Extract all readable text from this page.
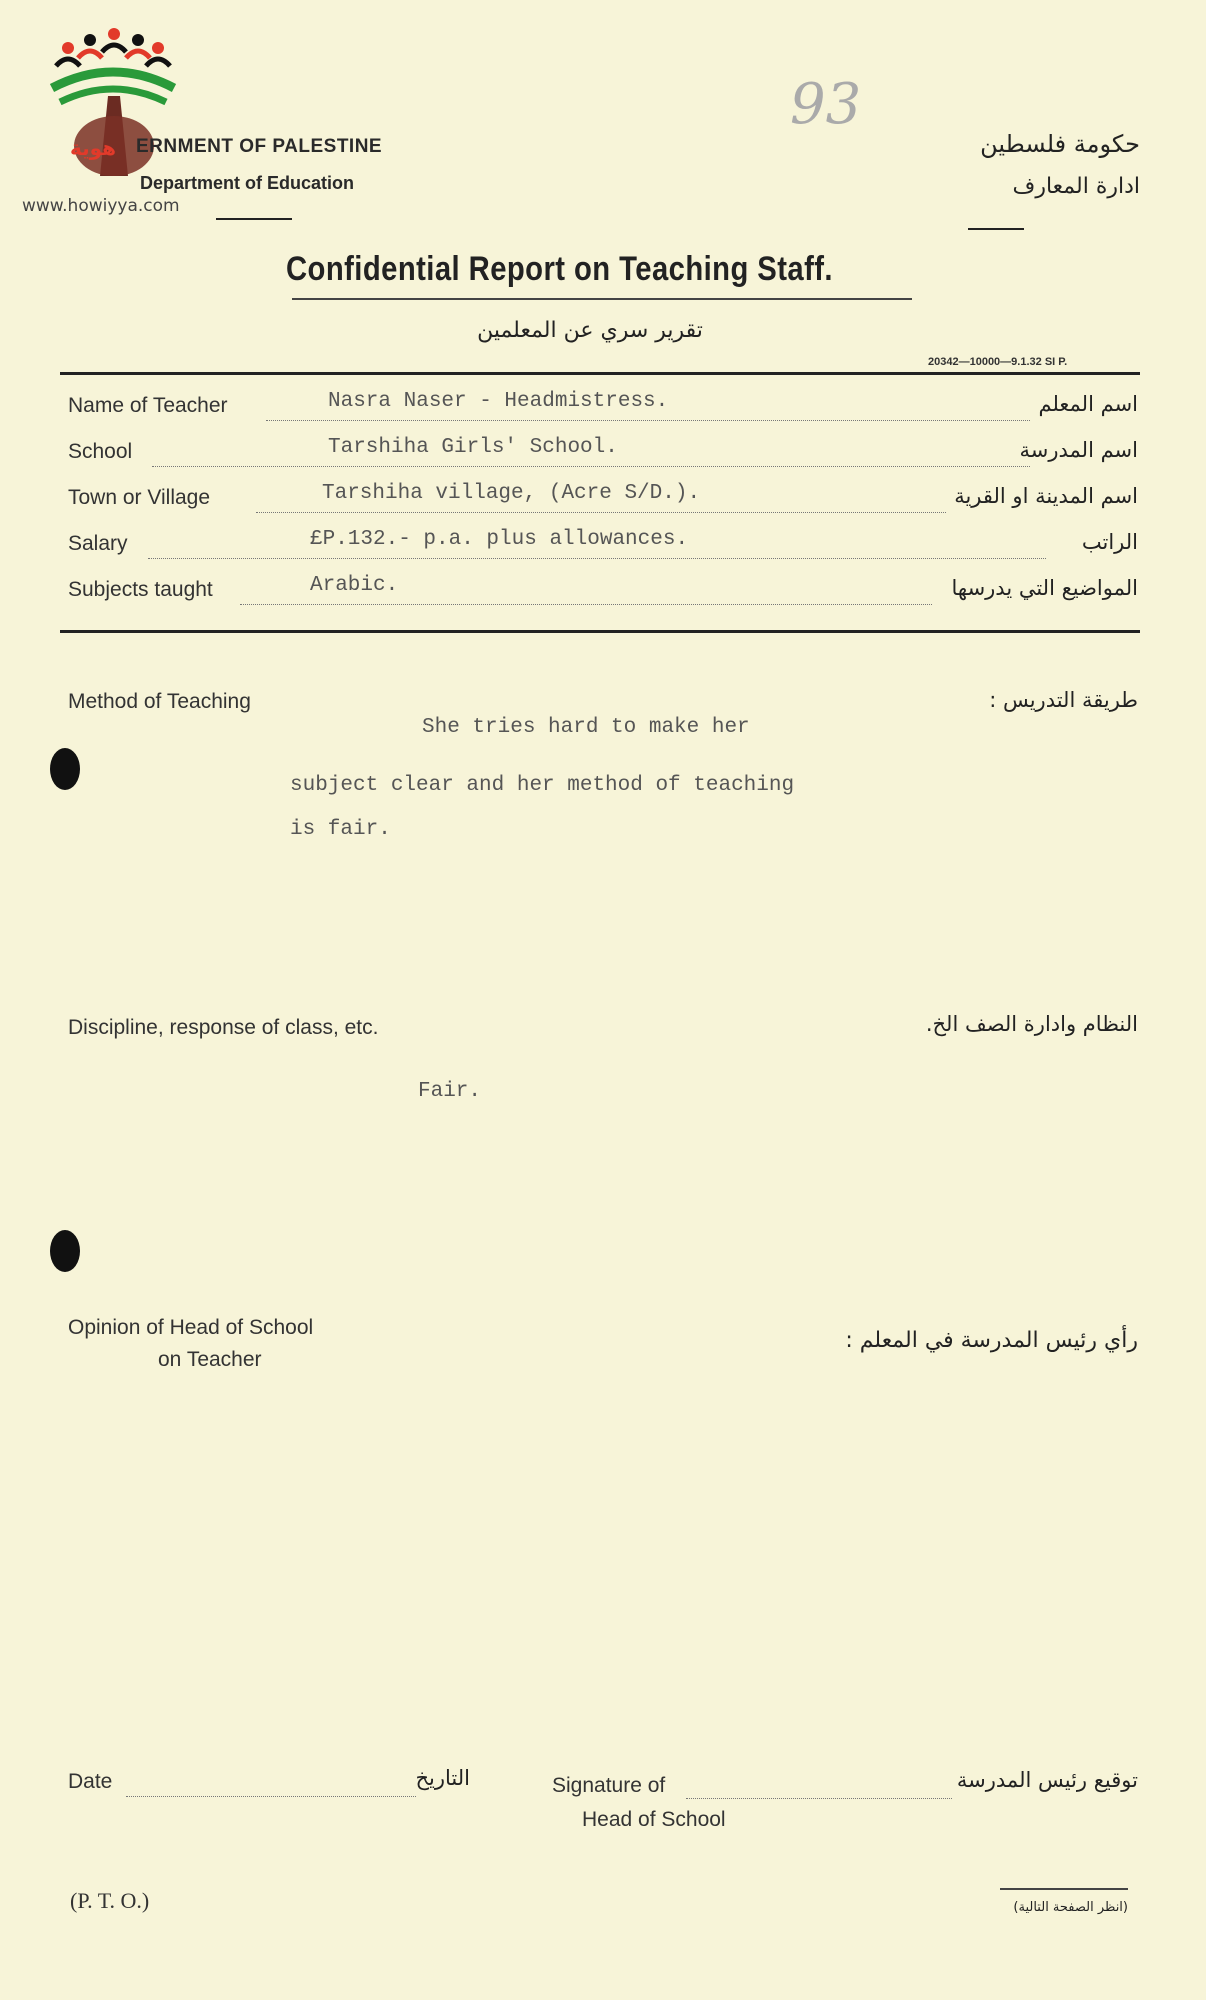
هوية
www.howiyya.com
ERNMENT OF PALESTINE
Department of Education
93
حكومة فلسطين
ادارة المعارف
Confidential Report on Teaching Staff.
تقرير سري عن المعلمين
20342—10000—9.1.32 SI P.
Name of Teacher	Nasra Naser - Headmistress.	اسم المعلم
School	Tarshiha Girls' School.	اسم المدرسة
Town or Village	Tarshiha village, (Acre S/D.).	اسم المدينة او القرية
Salary	£P.132.- p.a. plus allowances.	الراتب
Subjects taught	Arabic.	المواضيع التي يدرسها
Method of Teaching	طريقة التدريس :
She tries hard to make her
subject clear and her method of teaching
is fair.
Discipline, response of class, etc.	النظام وادارة الصف الخ.
Fair.
Opinion of Head of School
on Teacher
رأي رئيس المدرسة في المعلم :
Date	التاريخ	Signature of
Head of School
توقيع رئيس المدرسة
(P. T. O.)	(انظر الصفحة التالية)
